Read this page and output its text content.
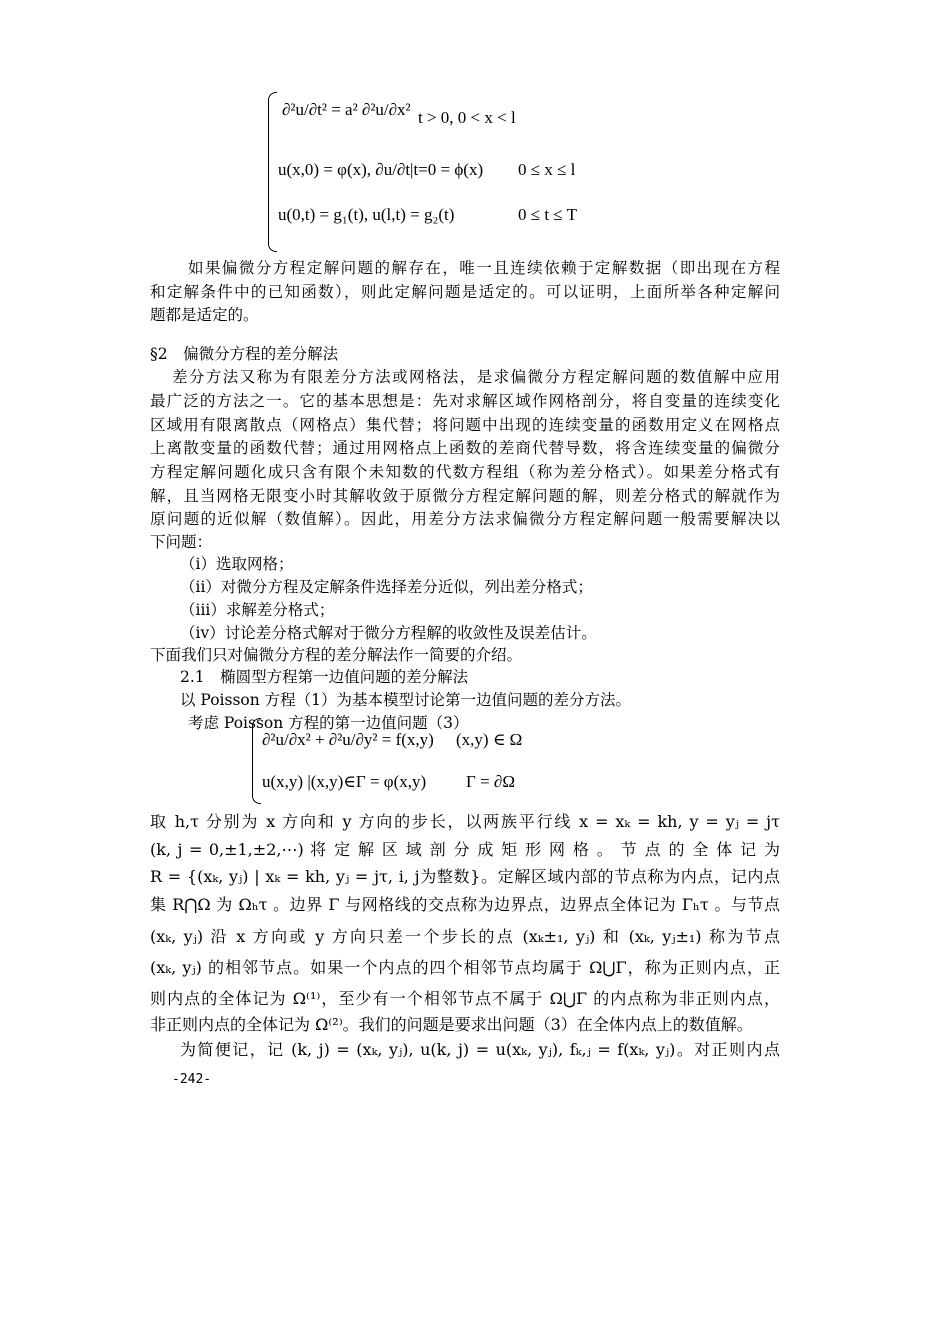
∂²u/∂t² = a² ∂²u/∂x² t > 0, 0 < x < l
u(x,0) = φ(x), ∂u/∂t|t=0 = ϕ(x) 0 ≤ x ≤ l
u(0,t) = g₁(t), u(l,t) = g₂(t)	0 ≤ t ≤ T
如果偏微分方程定解问题的解存在，唯一且连续依赖于定解数据（即出现在方程
和定解条件中的已知函数），则此定解问题是适定的。可以证明，上面所举各种定解问
题都是适定的。
§2　偏微分方程的差分解法
差分方法又称为有限差分方法或网格法，是求偏微分方程定解问题的数值解中应用
最广泛的方法之一。它的基本思想是：先对求解区域作网格剖分，将自变量的连续变化
区域用有限离散点（网格点）集代替；将问题中出现的连续变量的函数用定义在网格点
上离散变量的函数代替；通过用网格点上函数的差商代替导数，将含连续变量的偏微分
方程定解问题化成只含有限个未知数的代数方程组（称为差分格式）。如果差分格式有
解，且当网格无限变小时其解收敛于原微分方程定解问题的解，则差分格式的解就作为
原问题的近似解（数值解）。因此，用差分方法求偏微分方程定解问题一般需要解决以
下问题：
（i）选取网格；
（ii）对微分方程及定解条件选择差分近似，列出差分格式；
（iii）求解差分格式；
（iv）讨论差分格式解对于微分方程解的收敛性及误差估计。
下面我们只对偏微分方程的差分解法作一简要的介绍。
2.1　椭圆型方程第一边值问题的差分解法
以 Poisson 方程（1）为基本模型讨论第一边值问题的差分方法。
考虑 Poisson 方程的第一边值问题（3）
∂²u/∂x² + ∂²u/∂y² = f(x,y) (x,y) ∈ Ω
u(x,y) |(x,y)∈Γ = φ(x,y) Γ = ∂Ω
取 h,τ 分别为 x 方向和 y 方向的步长，以两族平行线 x = xₖ = kh, y = yⱼ = jτ
(k, j = 0,±1,±2,⋯) 将 定 解 区 域 剖 分 成 矩 形 网 格 。 节 点 的 全 体 记 为
R = {(xₖ, yⱼ) | xₖ = kh, yⱼ = jτ, i, j为整数}。定解区域内部的节点称为内点，记内点
集 R⋂Ω 为 Ωₕτ 。边界 Γ 与网格线的交点称为边界点，边界点全体记为 Γₕτ 。与节点
(xₖ, yⱼ) 沿 x 方向或 y 方向只差一个步长的点 (xₖ±₁, yⱼ) 和 (xₖ, yⱼ±₁) 称为节点
(xₖ, yⱼ) 的相邻节点。如果一个内点的四个相邻节点均属于 Ω⋃Γ，称为正则内点，正
则内点的全体记为 Ω⁽¹⁾，至少有一个相邻节点不属于 Ω⋃Γ 的内点称为非正则内点，
非正则内点的全体记为 Ω⁽²⁾。我们的问题是要求出问题（3）在全体内点上的数值解。
为简便记，记 (k, j) = (xₖ, yⱼ), u(k, j) = u(xₖ, yⱼ), fₖ,ⱼ = f(xₖ, yⱼ)。对正则内点
-242-
